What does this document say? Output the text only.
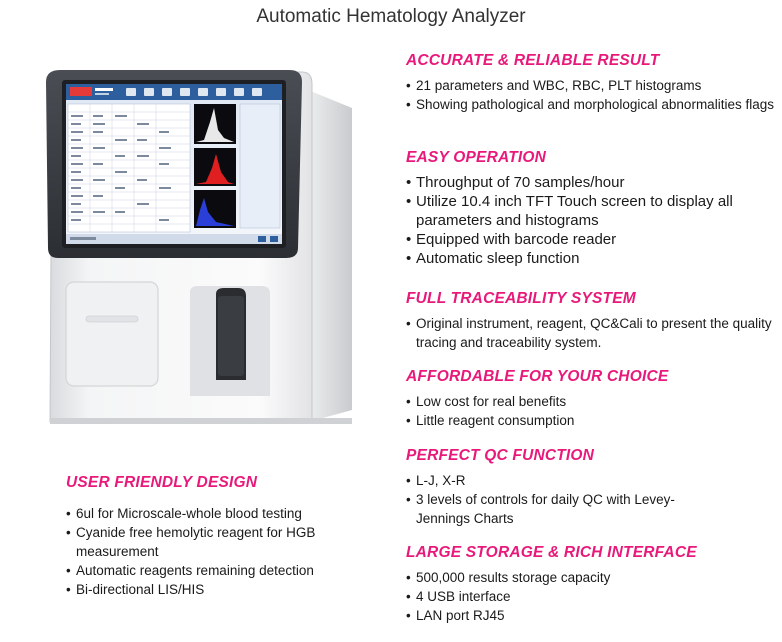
Automatic Hematology Analyzer
ACCURATE & RELIABLE RESULT
• 21 parameters and WBC, RBC, PLT histograms
• Showing pathological and morphological abnormalities flags
EASY OPERATION
• Throughput of 70 samples/hour
• Utilize 10.4 inch TFT Touch screen to display all parameters and histograms
• Equipped with barcode reader
• Automatic sleep function
FULL TRACEABILITY SYSTEM
• Original instrument, reagent, QC&Cali to present the quality tracing and traceability system.
AFFORDABLE FOR YOUR CHOICE
• Low cost for real benefits
• Little reagent consumption
PERFECT QC FUNCTION
• L-J, X-R
• 3 levels of controls for daily QC with Levey-Jennings Charts
LARGE STORAGE & RICH INTERFACE
• 500,000 results storage capacity
• 4 USB interface
• LAN port RJ45
USER FRIENDLY DESIGN
• 6ul for Microscale-whole blood testing
• Cyanide free hemolytic reagent for HGB measurement
• Automatic reagents remaining detection
• Bi-directional LIS/HIS
